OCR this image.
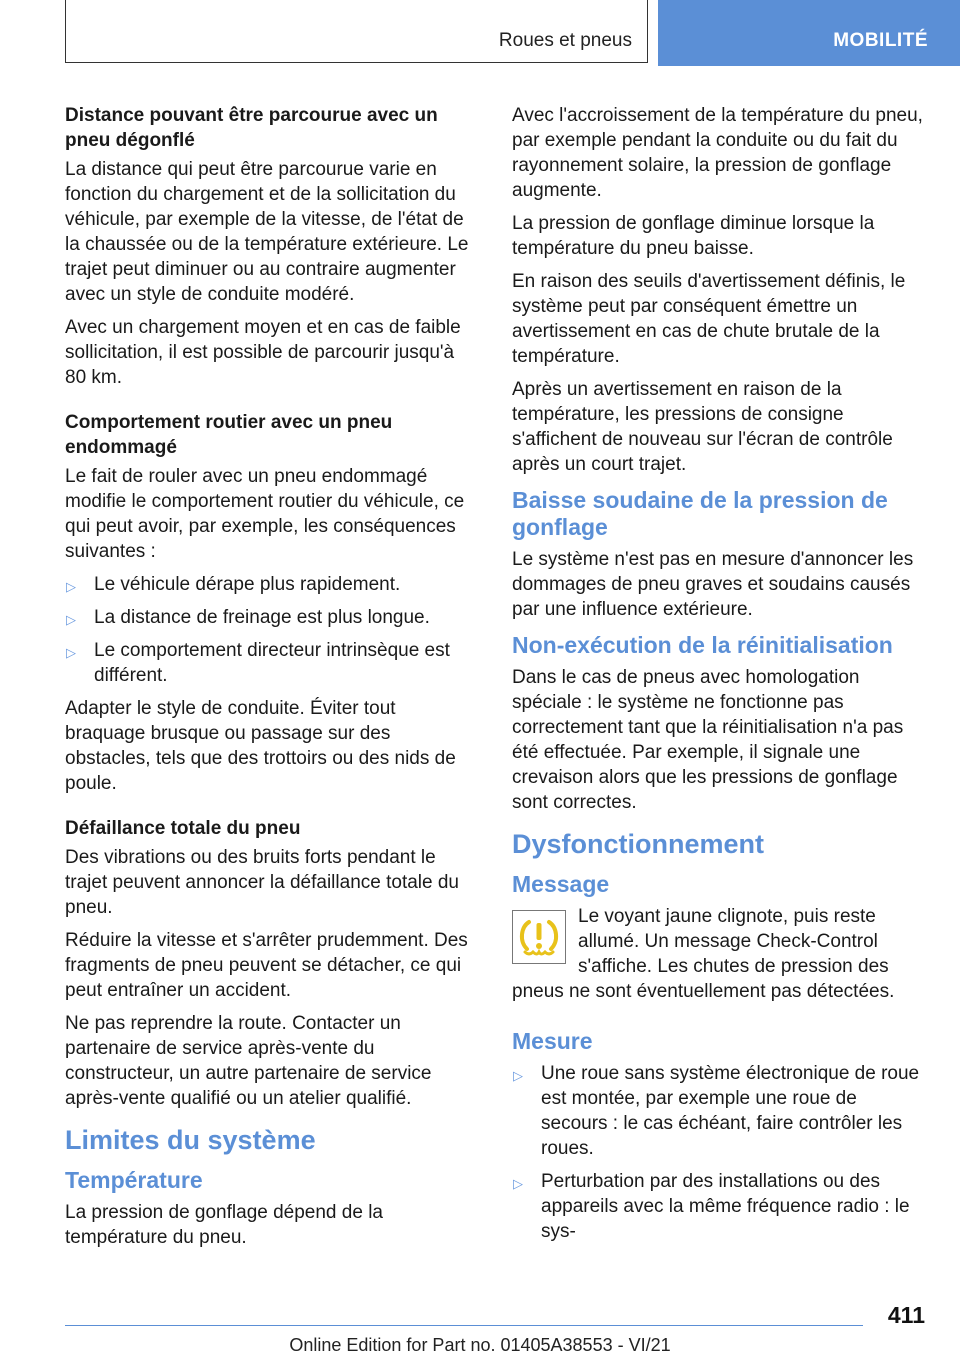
Roues et pneus	MOBILITÉ
Distance pouvant être parcourue avec un pneu dégonflé

La distance qui peut être parcourue varie en fonction du chargement et de la sollicitation du véhicule, par exemple de la vitesse, de l'état de la chaussée ou de la température extérieure. Le trajet peut diminuer ou au contraire augmenter avec un style de conduite modéré.

Avec un chargement moyen et en cas de faible sollicitation, il est possible de parcourir jusqu'à 80 km.

Comportement routier avec un pneu endommagé

Le fait de rouler avec un pneu endommagé modifie le comportement routier du véhicule, ce qui peut avoir, par exemple, les conséquences suivantes :

▷ Le véhicule dérape plus rapidement.
▷ La distance de freinage est plus longue.
▷ Le comportement directeur intrinsèque est différent.

Adapter le style de conduite. Éviter tout braquage brusque ou passage sur des obstacles, tels que des trottoirs ou des nids de poule.

Défaillance totale du pneu

Des vibrations ou des bruits forts pendant le trajet peuvent annoncer la défaillance totale du pneu.

Réduire la vitesse et s'arrêter prudemment. Des fragments de pneu peuvent se détacher, ce qui peut entraîner un accident.

Ne pas reprendre la route. Contacter un partenaire de service après-vente du constructeur, un autre partenaire de service après-vente qualifié ou un atelier qualifié.

Limites du système
Température

La pression de gonflage dépend de la température du pneu.

Avec l'accroissement de la température du pneu, par exemple pendant la conduite ou du fait du rayonnement solaire, la pression de gonflage augmente.

La pression de gonflage diminue lorsque la température du pneu baisse.

En raison des seuils d'avertissement définis, le système peut par conséquent émettre un avertissement en cas de chute brutale de la température.

Après un avertissement en raison de la température, les pressions de consigne s'affichent de nouveau sur l'écran de contrôle après un court trajet.

Baisse soudaine de la pression de gonflage

Le système n'est pas en mesure d'annoncer les dommages de pneu graves et soudains causés par une influence extérieure.

Non-exécution de la réinitialisation

Dans le cas de pneus avec homologation spéciale : le système ne fonctionne pas correctement tant que la réinitialisation n'a pas été effectuée. Par exemple, il signale une crevaison alors que les pressions de gonflage sont correctes.

Dysfonctionnement
Message

Le voyant jaune clignote, puis reste allumé. Un message Check-Control s'affiche. Les chutes de pression des pneus ne sont éventuellement pas détectées.

Mesure
▷ Une roue sans système électronique de roue est montée, par exemple une roue de secours : le cas échéant, faire contrôler les roues.
▷ Perturbation par des installations ou des appareils avec la même fréquence radio : le sys-
411
Online Edition for Part no. 01405A38553 - VI/21
